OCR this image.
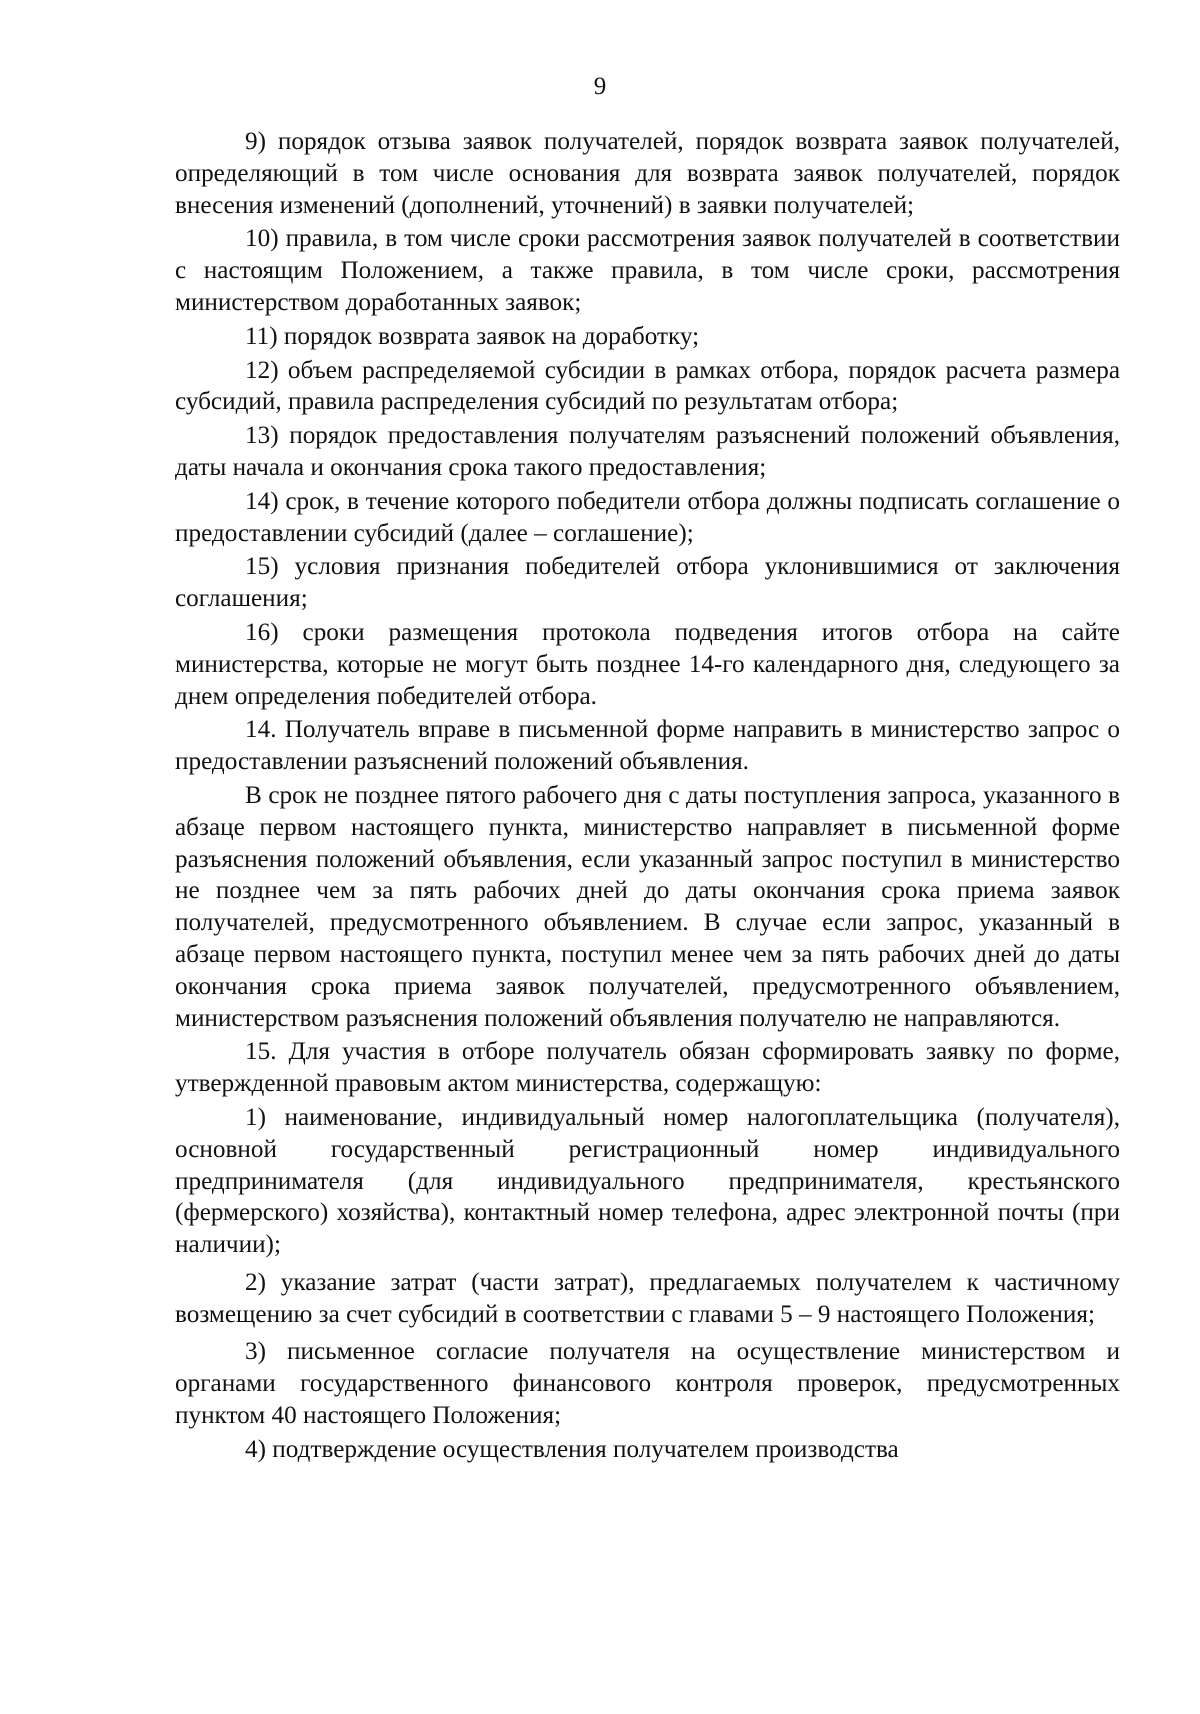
9

9) порядок отзыва заявок получателей, порядок возврата заявок получателей, определяющий в том числе основания для возврата заявок получателей, порядок внесения изменений (дополнений, уточнений) в заявки получателей;

10) правила, в том числе сроки рассмотрения заявок получателей в соответствии с настоящим Положением, а также правила, в том числе сроки, рассмотрения министерством доработанных заявок;

11) порядок возврата заявок на доработку;

12) объем распределяемой субсидии в рамках отбора, порядок расчета размера субсидий, правила распределения субсидий по результатам отбора;

13) порядок предоставления получателям разъяснений положений объявления, даты начала и окончания срока такого предоставления;

14) срок, в течение которого победители отбора должны подписать соглашение о предоставлении субсидий (далее – соглашение);

15) условия признания победителей отбора уклонившимися от заключения соглашения;

16) сроки размещения протокола подведения итогов отбора на сайте министерства, которые не могут быть позднее 14-го календарного дня, следующего за днем определения победителей отбора.

14. Получатель вправе в письменной форме направить в министерство запрос о предоставлении разъяснений положений объявления.

В срок не позднее пятого рабочего дня с даты поступления запроса, указанного в абзаце первом настоящего пункта, министерство направляет в письменной форме разъяснения положений объявления, если указанный запрос поступил в министерство не позднее чем за пять рабочих дней до даты окончания срока приема заявок получателей, предусмотренного объявлением. В случае если запрос, указанный в абзаце первом настоящего пункта, поступил менее чем за пять рабочих дней до даты окончания срока приема заявок получателей, предусмотренного объявлением, министерством разъяснения положений объявления получателю не направляются.

15. Для участия в отборе получатель обязан сформировать заявку по форме, утвержденной правовым актом министерства, содержащую:

1) наименование, индивидуальный номер налогоплательщика (получателя), основной государственный регистрационный номер индивидуального предпринимателя (для индивидуального предпринимателя, крестьянского (фермерского) хозяйства), контактный номер телефона, адрес электронной почты (при наличии);

2) указание затрат (части затрат), предлагаемых получателем к частичному возмещению за счет субсидий в соответствии с главами 5 – 9 настоящего Положения;

3) письменное согласие получателя на осуществление министерством и органами государственного финансового контроля проверок, предусмотренных пунктом 40 настоящего Положения;

4) подтверждение осуществления получателем производства
